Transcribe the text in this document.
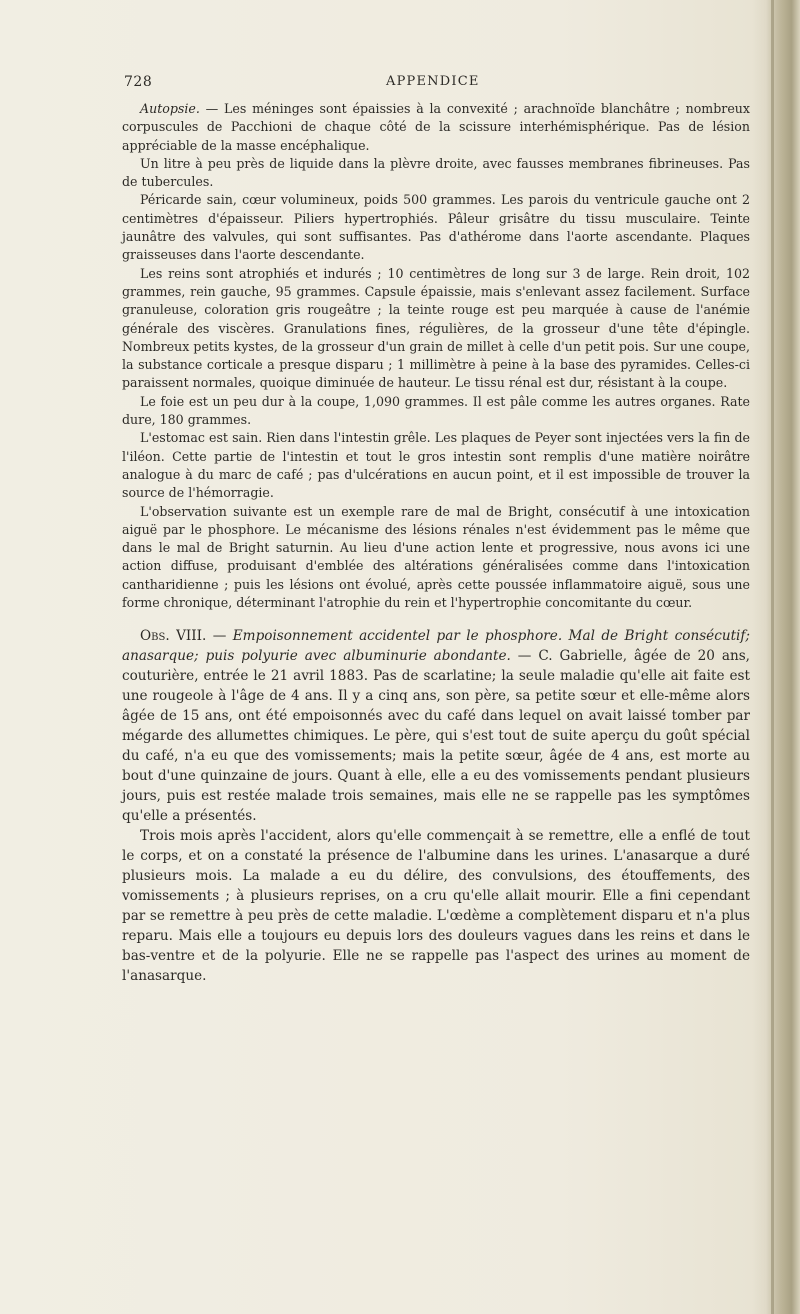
728	APPENDICE

Autopsie. — Les méninges sont épaissies à la convexité ; arachnoïde blanchâtre ; nombreux corpuscules de Pacchioni de chaque côté de la scissure interhémisphérique. Pas de lésion appréciable de la masse encéphalique.

Un litre à peu près de liquide dans la plèvre droite, avec fausses membranes fibrineuses. Pas de tubercules.

Péricarde sain, cœur volumineux, poids 500 grammes. Les parois du ventricule gauche ont 2 centimètres d'épaisseur. Piliers hypertrophiés. Pâleur grisâtre du tissu musculaire. Teinte jaunâtre des valvules, qui sont suffisantes. Pas d'athérome dans l'aorte ascendante. Plaques graisseuses dans l'aorte descendante.

Les reins sont atrophiés et indurés ; 10 centimètres de long sur 3 de large. Rein droit, 102 grammes, rein gauche, 95 grammes. Capsule épaissie, mais s'enlevant assez facilement. Surface granuleuse, coloration gris rougeâtre ; la teinte rouge est peu marquée à cause de l'anémie générale des viscères. Granulations fines, régulières, de la grosseur d'une tête d'épingle. Nombreux petits kystes, de la grosseur d'un grain de millet à celle d'un petit pois. Sur une coupe, la substance corticale a presque disparu ; 1 millimètre à peine à la base des pyramides. Celles-ci paraissent normales, quoique diminuée de hauteur. Le tissu rénal est dur, résistant à la coupe.

Le foie est un peu dur à la coupe, 1,090 grammes. Il est pâle comme les autres organes. Rate dure, 180 grammes.

L'estomac est sain. Rien dans l'intestin grêle. Les plaques de Peyer sont injectées vers la fin de l'iléon. Cette partie de l'intestin et tout le gros intestin sont remplis d'une matière noirâtre analogue à du marc de café ; pas d'ulcérations en aucun point, et il est impossible de trouver la source de l'hémorragie.

L'observation suivante est un exemple rare de mal de Bright, consécutif à une intoxication aiguë par le phosphore. Le mécanisme des lésions rénales n'est évidemment pas le même que dans le mal de Bright saturnin. Au lieu d'une action lente et progressive, nous avons ici une action diffuse, produisant d'emblée des altérations généralisées comme dans l'intoxication cantharidienne ; puis les lésions ont évolué, après cette poussée inflammatoire aiguë, sous une forme chronique, déterminant l'atrophie du rein et l'hypertrophie concomitante du cœur.

Obs. VIII. — Empoisonnement accidentel par le phosphore. Mal de Bright consécutif; anasarque; puis polyurie avec albuminurie abondante. — C. Gabrielle, âgée de 20 ans, couturière, entrée le 21 avril 1883. Pas de scarlatine; la seule maladie qu'elle ait faite est une rougeole à l'âge de 4 ans. Il y a cinq ans, son père, sa petite sœur et elle-même alors âgée de 15 ans, ont été empoisonnés avec du café dans lequel on avait laissé tomber par mégarde des allumettes chimiques. Le père, qui s'est tout de suite aperçu du goût spécial du café, n'a eu que des vomissements; mais la petite sœur, âgée de 4 ans, est morte au bout d'une quinzaine de jours. Quant à elle, elle a eu des vomissements pendant plusieurs jours, puis est restée malade trois semaines, mais elle ne se rappelle pas les symptômes qu'elle a présentés.

Trois mois après l'accident, alors qu'elle commençait à se remettre, elle a enflé de tout le corps, et on a constaté la présence de l'albumine dans les urines. L'anasarque a duré plusieurs mois. La malade a eu du délire, des convulsions, des étouffements, des vomissements ; à plusieurs reprises, on a cru qu'elle allait mourir. Elle a fini cependant par se remettre à peu près de cette maladie. L'œdème a complètement disparu et n'a plus reparu. Mais elle a toujours eu depuis lors des douleurs vagues dans les reins et dans le bas-ventre et de la polyurie. Elle ne se rappelle pas l'aspect des urines au moment de l'anasarque.
